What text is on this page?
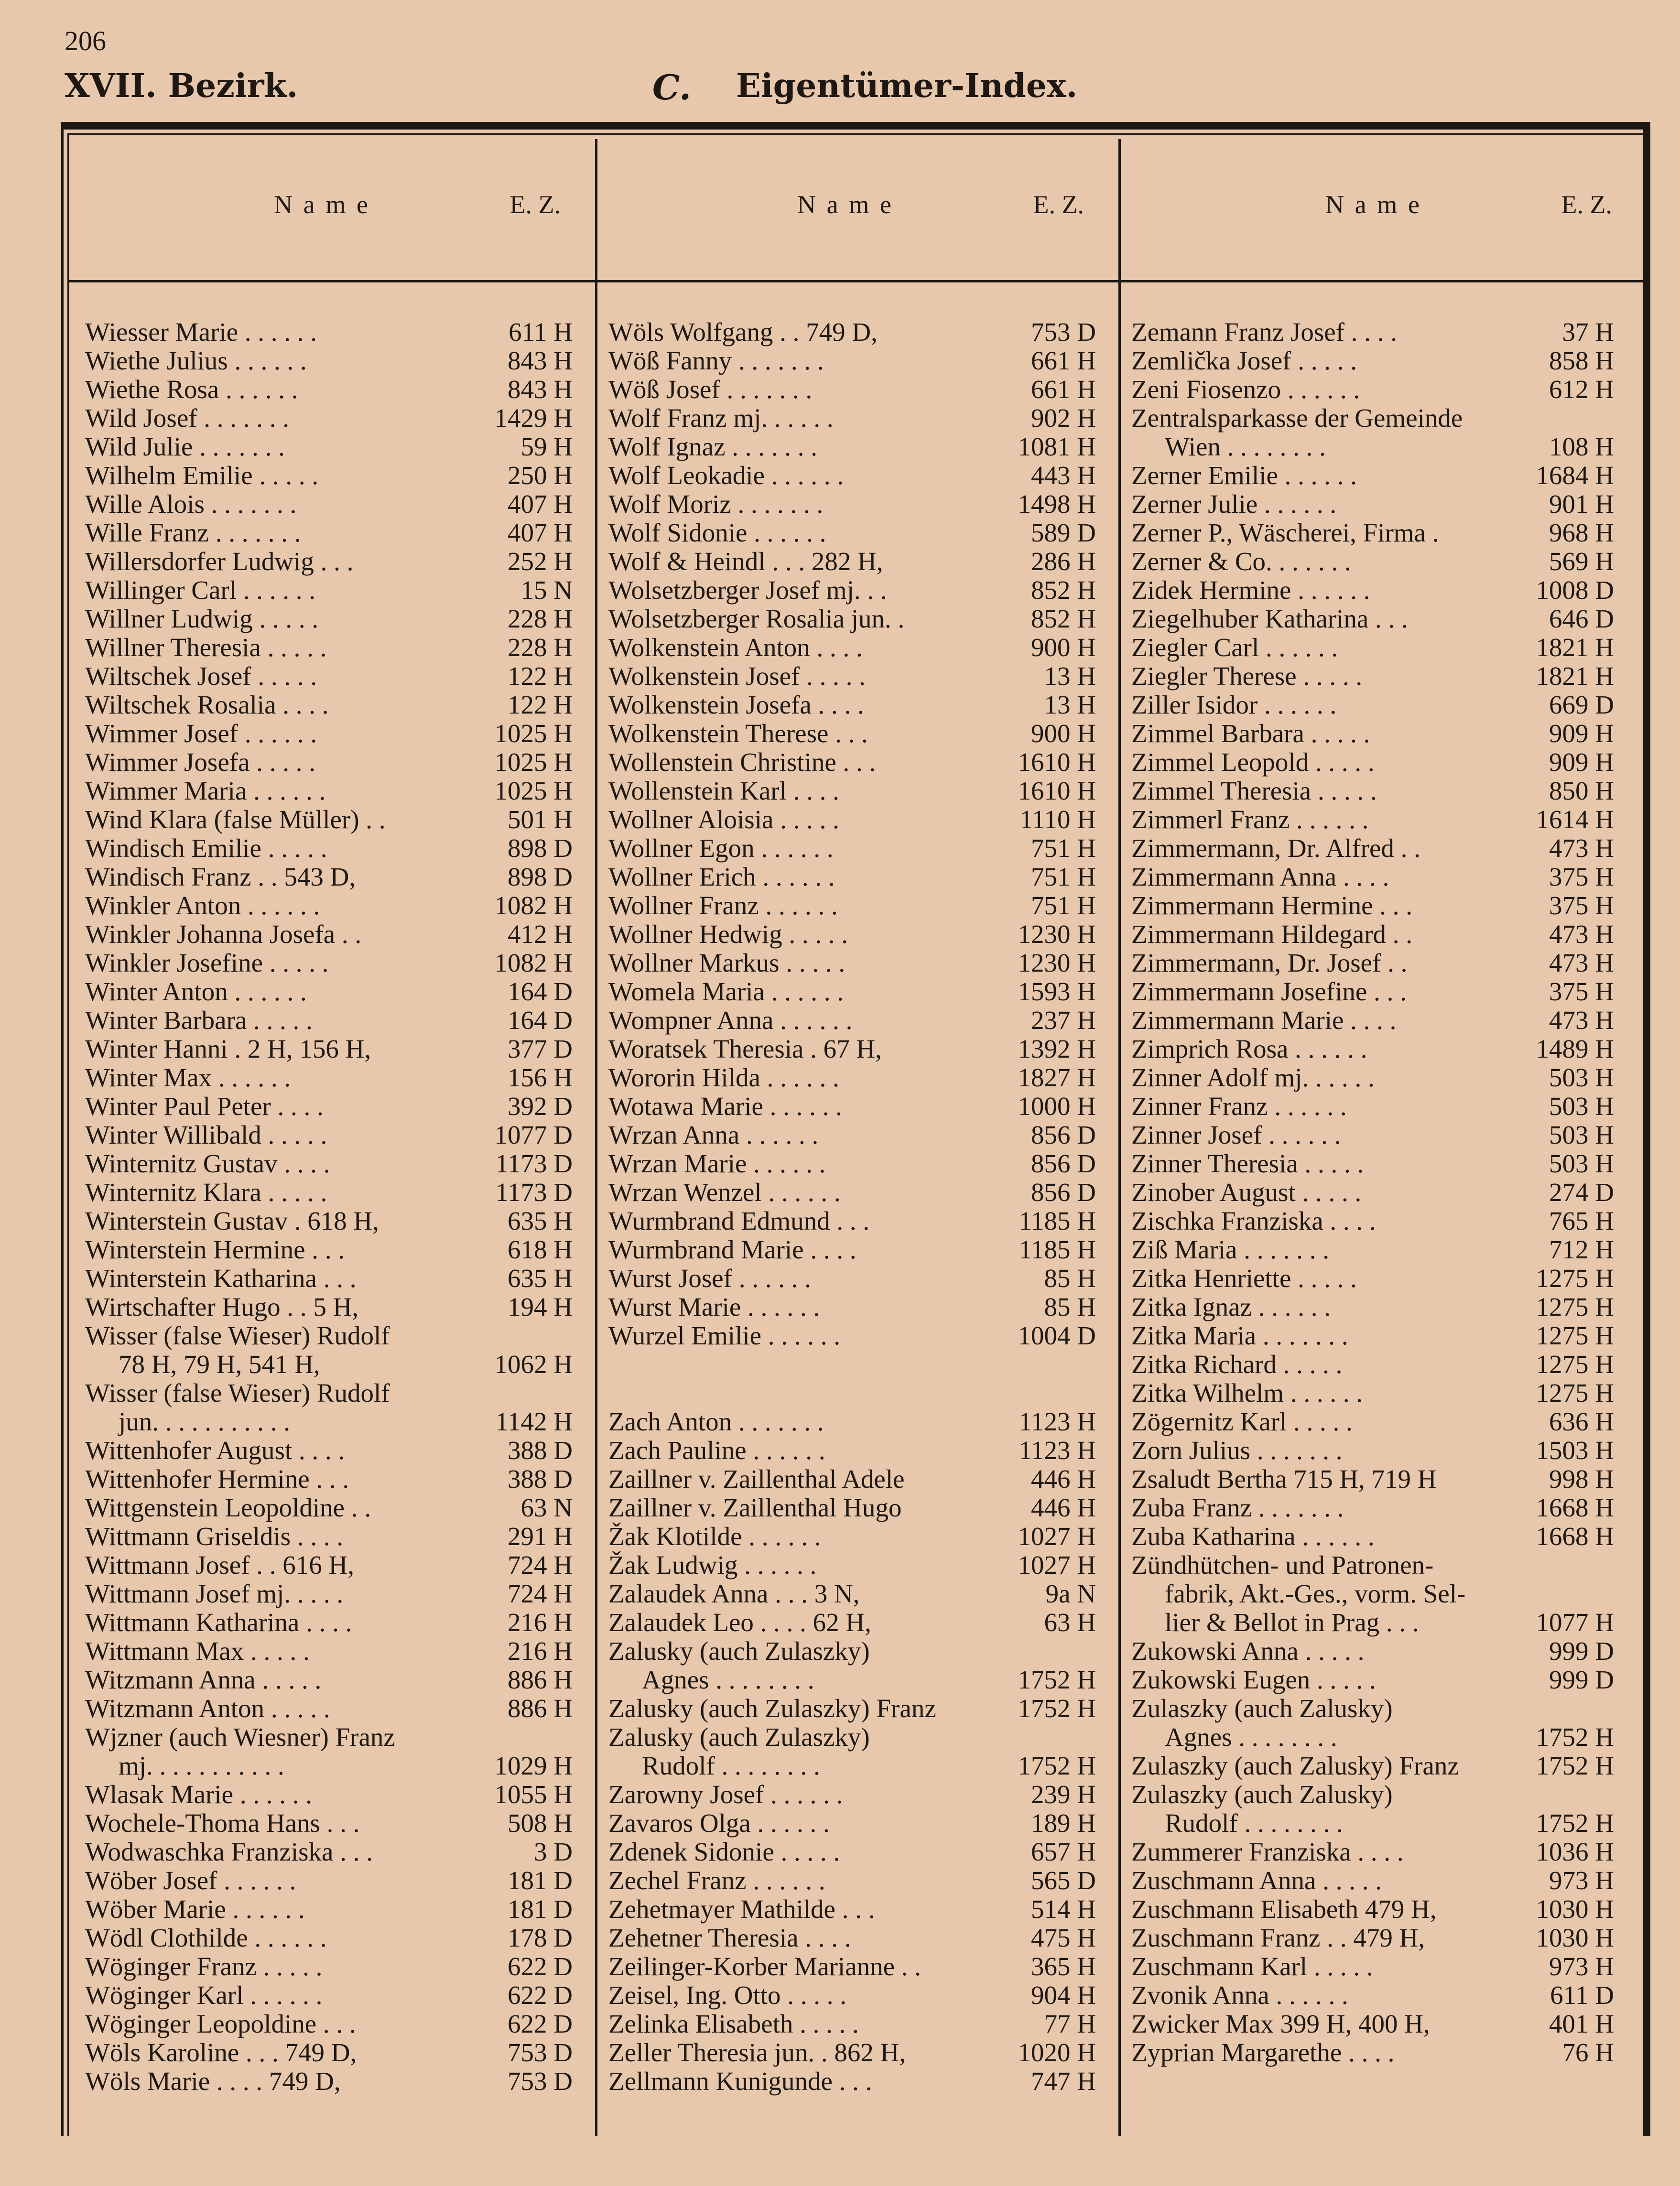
206
XVII. Bezirk.	C. Eigentümer-Index.
Name	E. Z.	Name	E. Z.	Name	E. Z.
Wiesser Marie . . . . . .	611 H
Wiethe Julius . . . . . .	843 H
Wiethe Rosa . . . . . .	843 H
Wild Josef . . . . . . .	1429 H
Wild Julie . . . . . . .	59 H
Wilhelm Emilie . . . . .	250 H
Wille Alois . . . . . . .	407 H
Wille Franz . . . . . . .	407 H
Willersdorfer Ludwig . . .	252 H
Willinger Carl . . . . . .	15 N
Willner Ludwig . . . . .	228 H
Willner Theresia . . . . .	228 H
Wiltschek Josef . . . . .	122 H
Wiltschek Rosalia . . . .	122 H
Wimmer Josef . . . . . .	1025 H
Wimmer Josefa . . . . .	1025 H
Wimmer Maria . . . . . .	1025 H
Wind Klara (false Müller) . .	501 H
Windisch Emilie . . . . .	898 D
Windisch Franz . . 543 D,	898 D
Winkler Anton . . . . . .	1082 H
Winkler Johanna Josefa . .	412 H
Winkler Josefine . . . . .	1082 H
Winter Anton . . . . . .	164 D
Winter Barbara . . . . .	164 D
Winter Hanni . 2 H, 156 H,	377 D
Winter Max . . . . . .	156 H
Winter Paul Peter . . . .	392 D
Winter Willibald . . . . .	1077 D
Winternitz Gustav . . . .	1173 D
Winternitz Klara . . . . .	1173 D
Winterstein Gustav . 618 H,	635 H
Winterstein Hermine . . .	618 H
Winterstein Katharina . . .	635 H
Wirtschafter Hugo . . 5 H,	194 H
Wisser (false Wieser) Rudolf
78 H, 79 H, 541 H,	1062 H
Wisser (false Wieser) Rudolf
jun. . . . . . . . . . .	1142 H
Wittenhofer August . . . .	388 D
Wittenhofer Hermine . . .	388 D
Wittgenstein Leopoldine . .	63 N
Wittmann Griseldis . . . .	291 H
Wittmann Josef . . 616 H,	724 H
Wittmann Josef mj. . . . .	724 H
Wittmann Katharina . . . .	216 H
Wittmann Max . . . . .	216 H
Witzmann Anna . . . . .	886 H
Witzmann Anton . . . . .	886 H
Wjzner (auch Wiesner) Franz
mj. . . . . . . . . . .	1029 H
Wlasak Marie . . . . . .	1055 H
Wochele-Thoma Hans . . .	508 H
Wodwaschka Franziska . . .	3 D
Wöber Josef . . . . . .	181 D
Wöber Marie . . . . . .	181 D
Wödl Clothilde . . . . . .	178 D
Wöginger Franz . . . . .	622 D
Wöginger Karl . . . . . .	622 D
Wöginger Leopoldine . . .	622 D
Wöls Karoline . . . 749 D,	753 D
Wöls Marie . . . . 749 D,	753 D
Wöls Wolfgang . . 749 D,	753 D
Wöß Fanny . . . . . . .	661 H
Wöß Josef . . . . . . .	661 H
Wolf Franz mj. . . . . .	902 H
Wolf Ignaz . . . . . . .	1081 H
Wolf Leokadie . . . . . .	443 H
Wolf Moriz . . . . . . .	1498 H
Wolf Sidonie . . . . . .	589 D
Wolf & Heindl . . . 282 H,	286 H
Wolsetzberger Josef mj. . .	852 H
Wolsetzberger Rosalia jun. .	852 H
Wolkenstein Anton . . . .	900 H
Wolkenstein Josef . . . . .	13 H
Wolkenstein Josefa . . . .	13 H
Wolkenstein Therese . . .	900 H
Wollenstein Christine . . .	1610 H
Wollenstein Karl . . . .	1610 H
Wollner Aloisia . . . . .	1110 H
Wollner Egon . . . . . .	751 H
Wollner Erich . . . . . .	751 H
Wollner Franz . . . . . .	751 H
Wollner Hedwig . . . . .	1230 H
Wollner Markus . . . . .	1230 H
Womela Maria . . . . . .	1593 H
Wompner Anna . . . . . .	237 H
Woratsek Theresia . 67 H,	1392 H
Wororin Hilda . . . . . .	1827 H
Wotawa Marie . . . . . .	1000 H
Wrzan Anna . . . . . .	856 D
Wrzan Marie . . . . . .	856 D
Wrzan Wenzel . . . . . .	856 D
Wurmbrand Edmund . . .	1185 H
Wurmbrand Marie . . . .	1185 H
Wurst Josef . . . . . .	85 H
Wurst Marie . . . . . .	85 H
Wurzel Emilie . . . . . .	1004 D
Zach Anton . . . . . . .	1123 H
Zach Pauline . . . . . .	1123 H
Zaillner v. Zaillenthal Adele	446 H
Zaillner v. Zaillenthal Hugo	446 H
Žak Klotilde . . . . . .	1027 H
Žak Ludwig . . . . . .	1027 H
Zalaudek Anna . . . 3 N,	9a N
Zalaudek Leo . . . . 62 H,	63 H
Zalusky (auch Zulaszky)
Agnes . . . . . . . .	1752 H
Zalusky (auch Zulaszky) Franz	1752 H
Zalusky (auch Zulaszky)
Rudolf . . . . . . . .	1752 H
Zarowny Josef . . . . . .	239 H
Zavaros Olga . . . . . .	189 H
Zdenek Sidonie . . . . .	657 H
Zechel Franz . . . . . .	565 D
Zehetmayer Mathilde . . .	514 H
Zehetner Theresia . . . .	475 H
Zeilinger-Korber Marianne . .	365 H
Zeisel, Ing. Otto . . . . .	904 H
Zelinka Elisabeth . . . . .	77 H
Zeller Theresia jun. . 862 H,	1020 H
Zellmann Kunigunde . . .	747 H
Zemann Franz Josef . . . .	37 H
Zemlička Josef . . . . .	858 H
Zeni Fiosenzo . . . . . .	612 H
Zentralsparkasse der Gemeinde
Wien . . . . . . . .	108 H
Zerner Emilie . . . . . .	1684 H
Zerner Julie . . . . . .	901 H
Zerner P., Wäscherei, Firma .	968 H
Zerner & Co. . . . . . .	569 H
Zidek Hermine . . . . . .	1008 D
Ziegelhuber Katharina . . .	646 D
Ziegler Carl . . . . . .	1821 H
Ziegler Therese . . . . .	1821 H
Ziller Isidor . . . . . .	669 D
Zimmel Barbara . . . . .	909 H
Zimmel Leopold . . . . .	909 H
Zimmel Theresia . . . . .	850 H
Zimmerl Franz . . . . . .	1614 H
Zimmermann, Dr. Alfred . .	473 H
Zimmermann Anna . . . .	375 H
Zimmermann Hermine . . .	375 H
Zimmermann Hildegard . .	473 H
Zimmermann, Dr. Josef . .	473 H
Zimmermann Josefine . . .	375 H
Zimmermann Marie . . . .	473 H
Zimprich Rosa . . . . . .	1489 H
Zinner Adolf mj. . . . . .	503 H
Zinner Franz . . . . . .	503 H
Zinner Josef . . . . . .	503 H
Zinner Theresia . . . . .	503 H
Zinober August . . . . .	274 D
Zischka Franziska . . . .	765 H
Ziß Maria . . . . . . .	712 H
Zitka Henriette . . . . .	1275 H
Zitka Ignaz . . . . . .	1275 H
Zitka Maria . . . . . . .	1275 H
Zitka Richard . . . . .	1275 H
Zitka Wilhelm . . . . . .	1275 H
Zögernitz Karl . . . . .	636 H
Zorn Julius . . . . . . .	1503 H
Zsaludt Bertha 715 H, 719 H	998 H
Zuba Franz . . . . . . .	1668 H
Zuba Katharina . . . . . .	1668 H
Zündhütchen- und Patronen-
fabrik, Akt.-Ges., vorm. Sel-
lier & Bellot in Prag . . .	1077 H
Zukowski Anna . . . . .	999 D
Zukowski Eugen . . . . .	999 D
Zulaszky (auch Zalusky)
Agnes . . . . . . . .	1752 H
Zulaszky (auch Zalusky) Franz	1752 H
Zulaszky (auch Zalusky)
Rudolf . . . . . . . .	1752 H
Zummerer Franziska . . . .	1036 H
Zuschmann Anna . . . . .	973 H
Zuschmann Elisabeth 479 H,	1030 H
Zuschmann Franz . . 479 H,	1030 H
Zuschmann Karl . . . . .	973 H
Zvonik Anna . . . . . .	611 D
Zwicker Max 399 H, 400 H,	401 H
Zyprian Margarethe . . . .	76 H
